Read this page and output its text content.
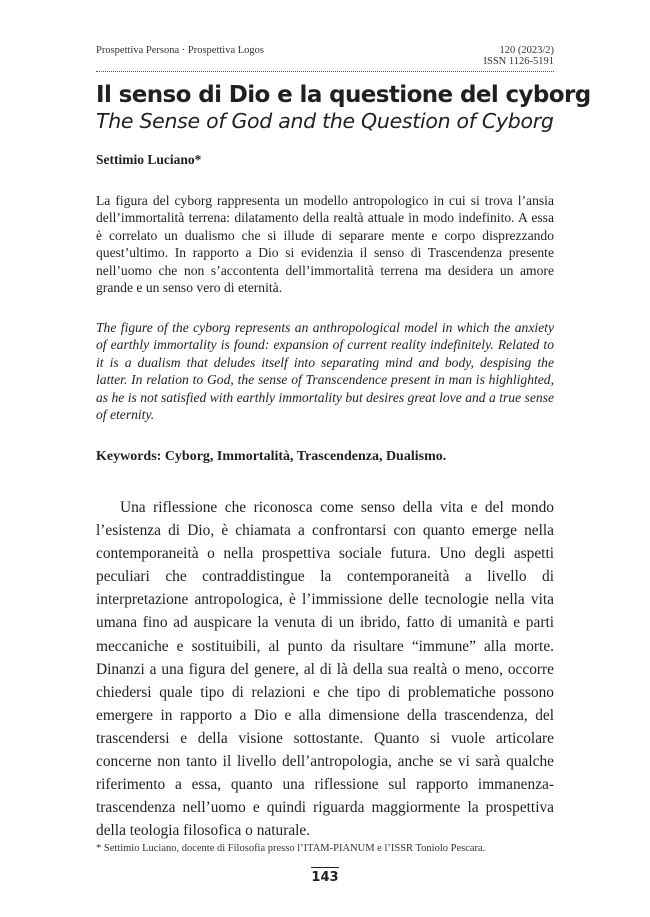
Prospettiva Persona · Prospettiva Logos	120 (2023/2)
ISSN 1126-5191
Il senso di Dio e la questione del cyborg
The Sense of God and the Question of Cyborg
Settimio Luciano*
La figura del cyborg rappresenta un modello antropologico in cui si trova l’ansia dell’immortalità terrena: dilatamento della realtà attuale in modo indefinito. A essa è correlato un dualismo che si illude di separare mente e corpo disprezzando quest’ultimo. In rapporto a Dio si evidenzia il senso di Trascendenza presente nell’uomo che non s’accontenta dell’immortalità terrena ma desidera un amore grande e un senso vero di eternità.
The figure of the cyborg represents an anthropological model in which the anxiety of earthly immortality is found: expansion of current reality indefinitely. Related to it is a dualism that deludes itself into separating mind and body, despising the latter. In relation to God, the sense of Transcendence present in man is highlighted, as he is not satisfied with earthly immortality but desires great love and a true sense of eternity.
Keywords: Cyborg, Immortalità, Trascendenza, Dualismo.

Una riflessione che riconosca come senso della vita e del mondo l’esistenza di Dio, è chiamata a confrontarsi con quanto emerge nella contemporaneità o nella prospettiva sociale futura. Uno degli aspetti peculiari che contraddistingue la contemporaneità a livello di interpretazione antropologica, è l’immissione delle tecnologie nella vita umana fino ad auspicare la venuta di un ibrido, fatto di umanità e parti meccaniche e sostituibili, al punto da risultare “immune” alla morte. Dinanzi a una figura del genere, al di là della sua realtà o meno, occorre chiedersi quale tipo di relazioni e che tipo di problematiche possono emergere in rapporto a Dio e alla dimensione della trascendenza, del trascendersi e della visione sottostante. Quanto si vuole articolare concerne non tanto il livello dell’antropologia, anche se vi sarà qualche riferimento a essa, quanto una riflessione sul rapporto immanenza-trascendenza nell’uomo e quindi riguarda maggiormente la prospettiva della teologia filosofica o naturale.

* Settimio Luciano, docente di Filosofia presso l’ITAM-PIANUM e l’ISSR Toniolo Pescara.
143
